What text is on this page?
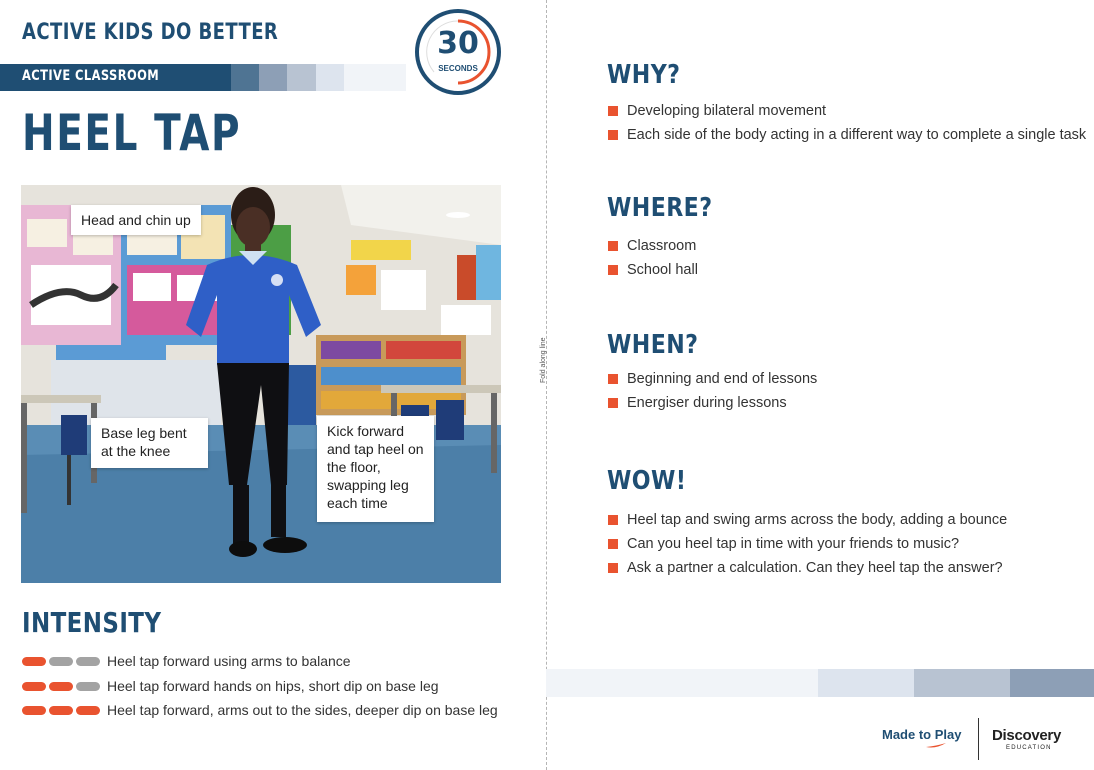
ACTIVE KIDS DO BETTER
ACTIVE CLASSROOM
30
SECONDS
HEEL TAP
Head and chin up
Base leg bent
at the knee
Kick forward
and tap heel on
the floor,
swapping leg
each time
INTENSITY
Heel tap forward using arms to balance
Heel tap forward hands on hips, short dip on base leg
Heel tap forward, arms out to the sides, deeper dip on base leg
Fold along line
WHY?
Developing bilateral movement
Each side of the body acting in a different way to complete a single task
WHERE?
Classroom
School hall
WHEN?
Beginning and end of lessons
Energiser during lessons
WOW!
Heel tap and swing arms across the body, adding a bounce
Can you heel tap in time with your friends to music?
Ask a partner a calculation. Can they heel tap the answer?
Made to Play Discovery
EDUCATION
